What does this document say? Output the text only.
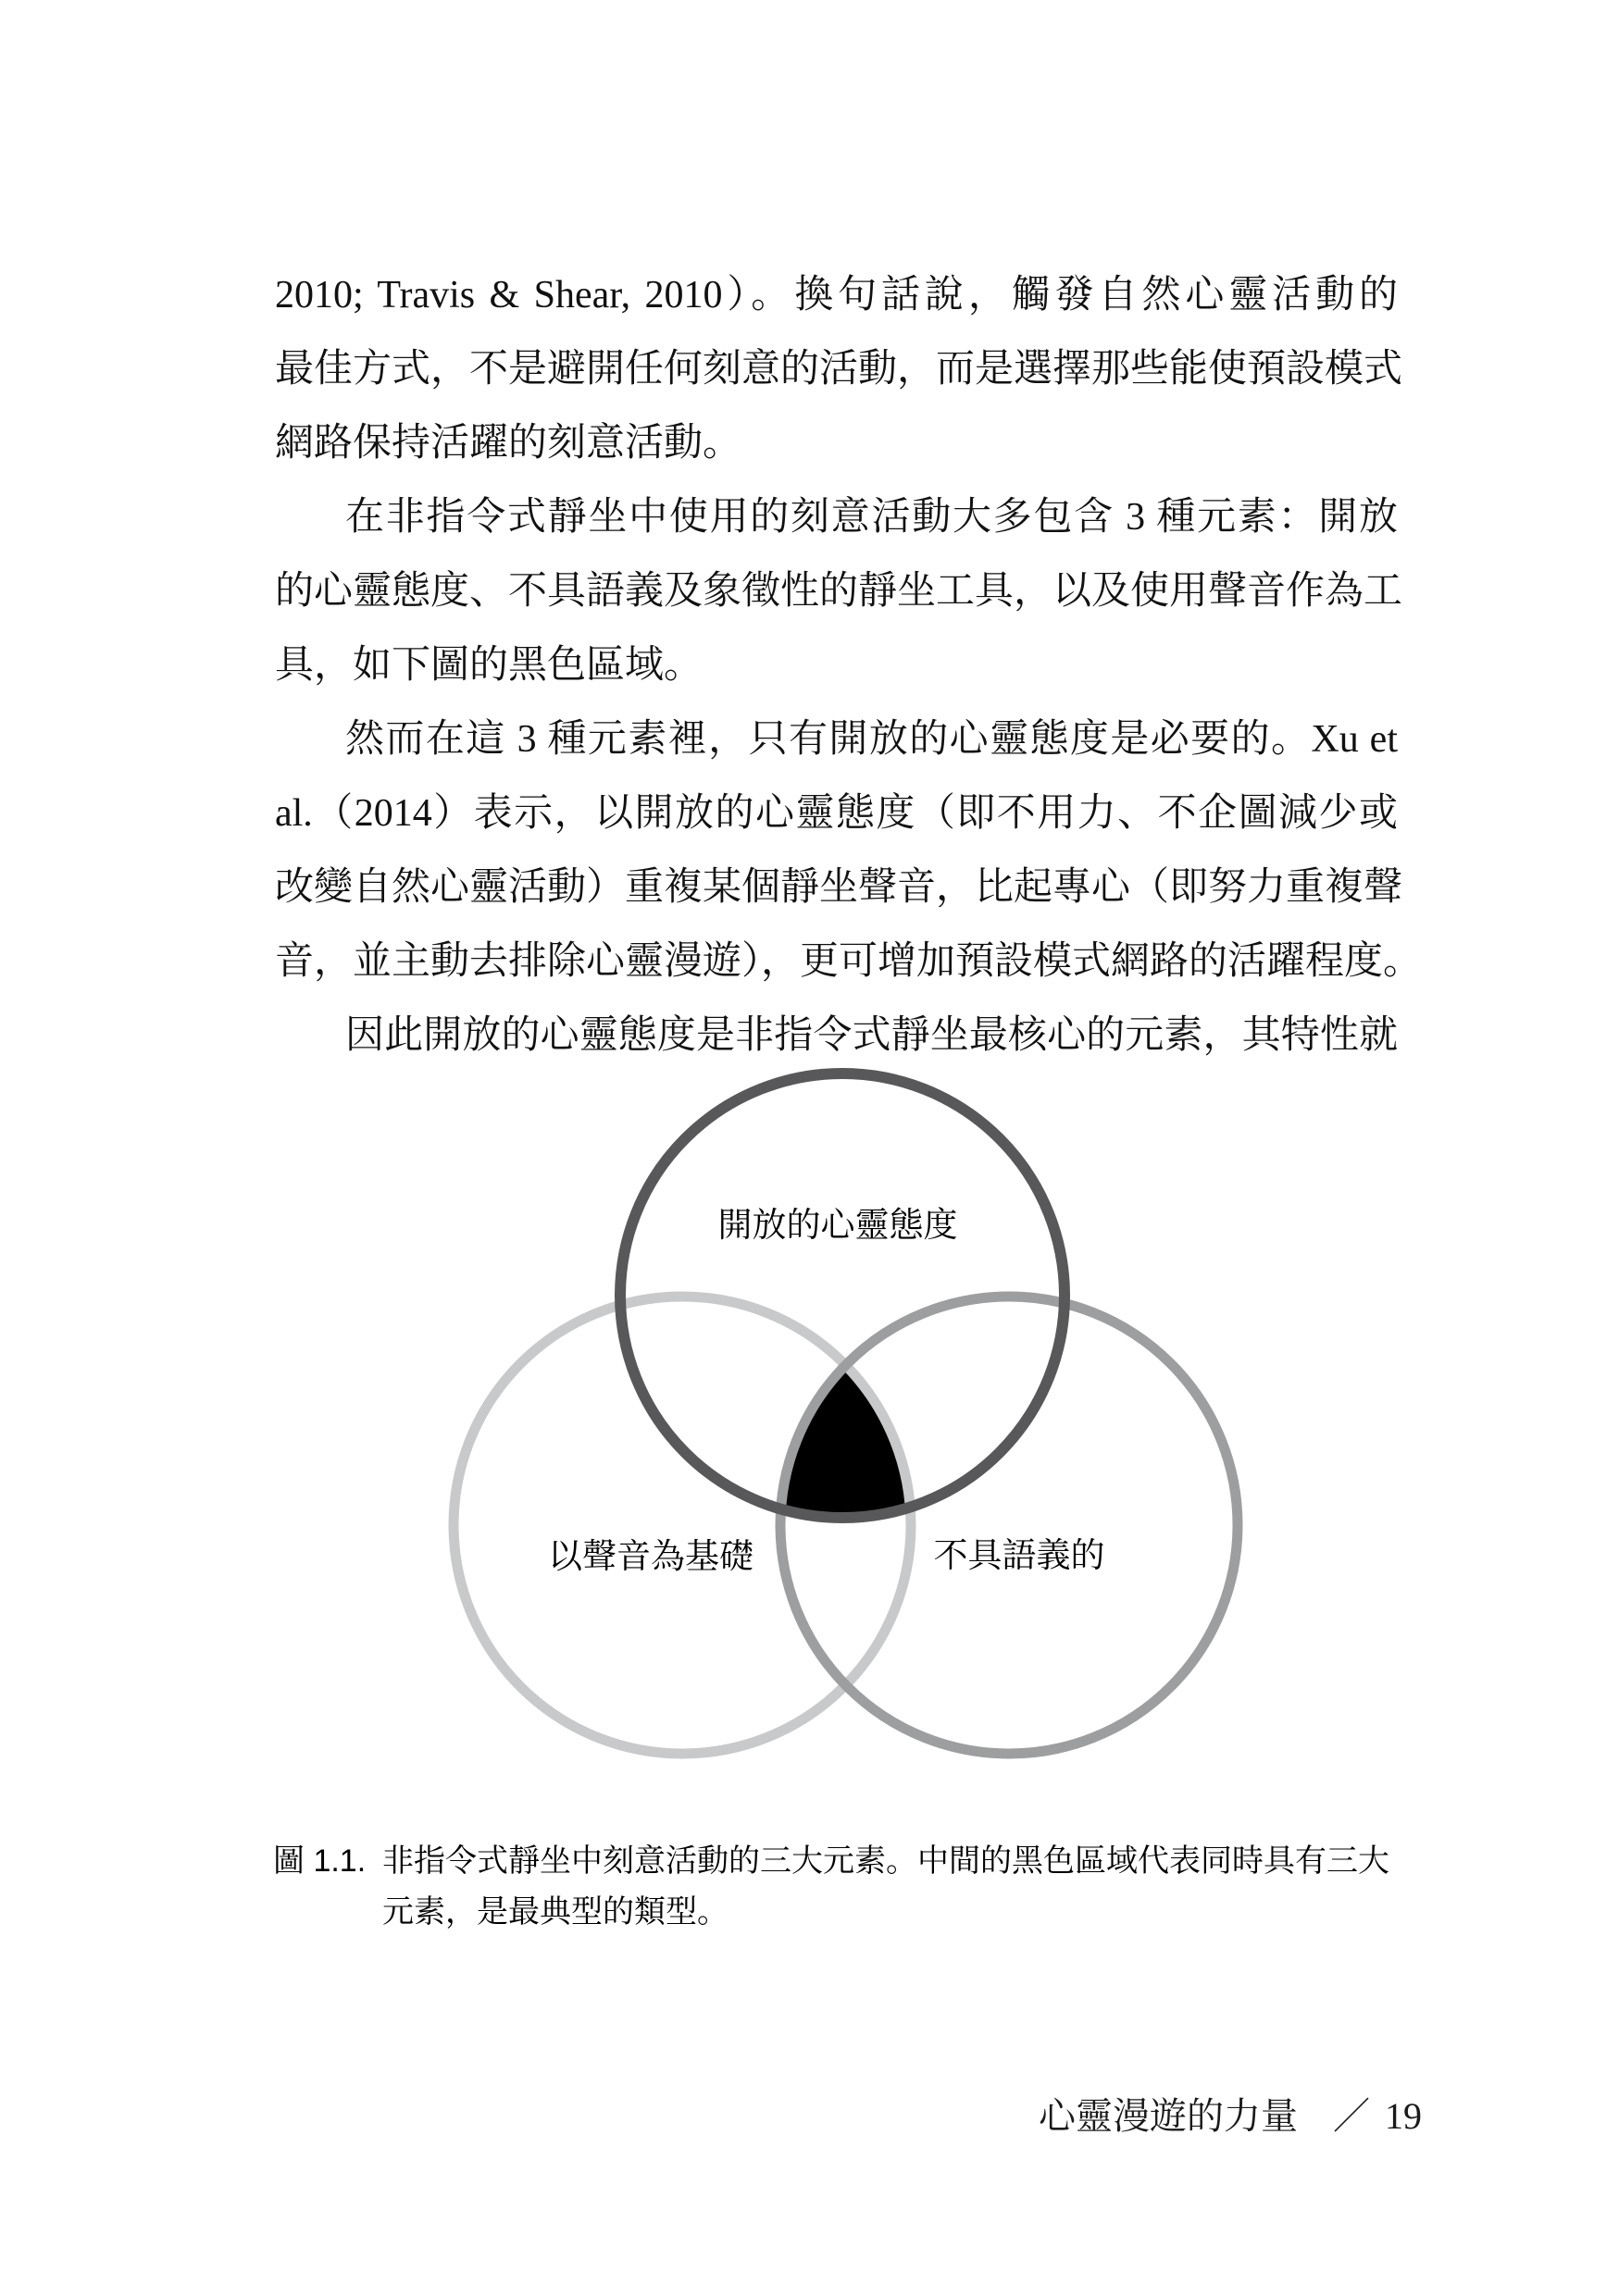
2010; Travis & Shear, 2010）。換句話說，觸發自然心靈活動的
最佳方式，不是避開任何刻意的活動，而是選擇那些能使預設模式
網路保持活躍的刻意活動。
在非指令式靜坐中使用的刻意活動大多包含 3 種元素：開放
的心靈態度、不具語義及象徵性的靜坐工具，以及使用聲音作為工
具，如下圖的黑色區域。
然而在這 3 種元素裡，只有開放的心靈態度是必要的。Xu et
al.（2014）表示，以開放的心靈態度（即不用力、不企圖減少或
改變自然心靈活動）重複某個靜坐聲音，比起專心（即努力重複聲
音，並主動去排除心靈漫遊），更可增加預設模式網路的活躍程度。
因此開放的心靈態度是非指令式靜坐最核心的元素，其特性就
開放的心靈態度
以聲音為基礎	不具語義的
圖 1.1. 非指令式靜坐中刻意活動的三大元素。中間的黑色區域代表同時具有三大
元素，是最典型的類型。
心靈漫遊的力量 ／ 19
